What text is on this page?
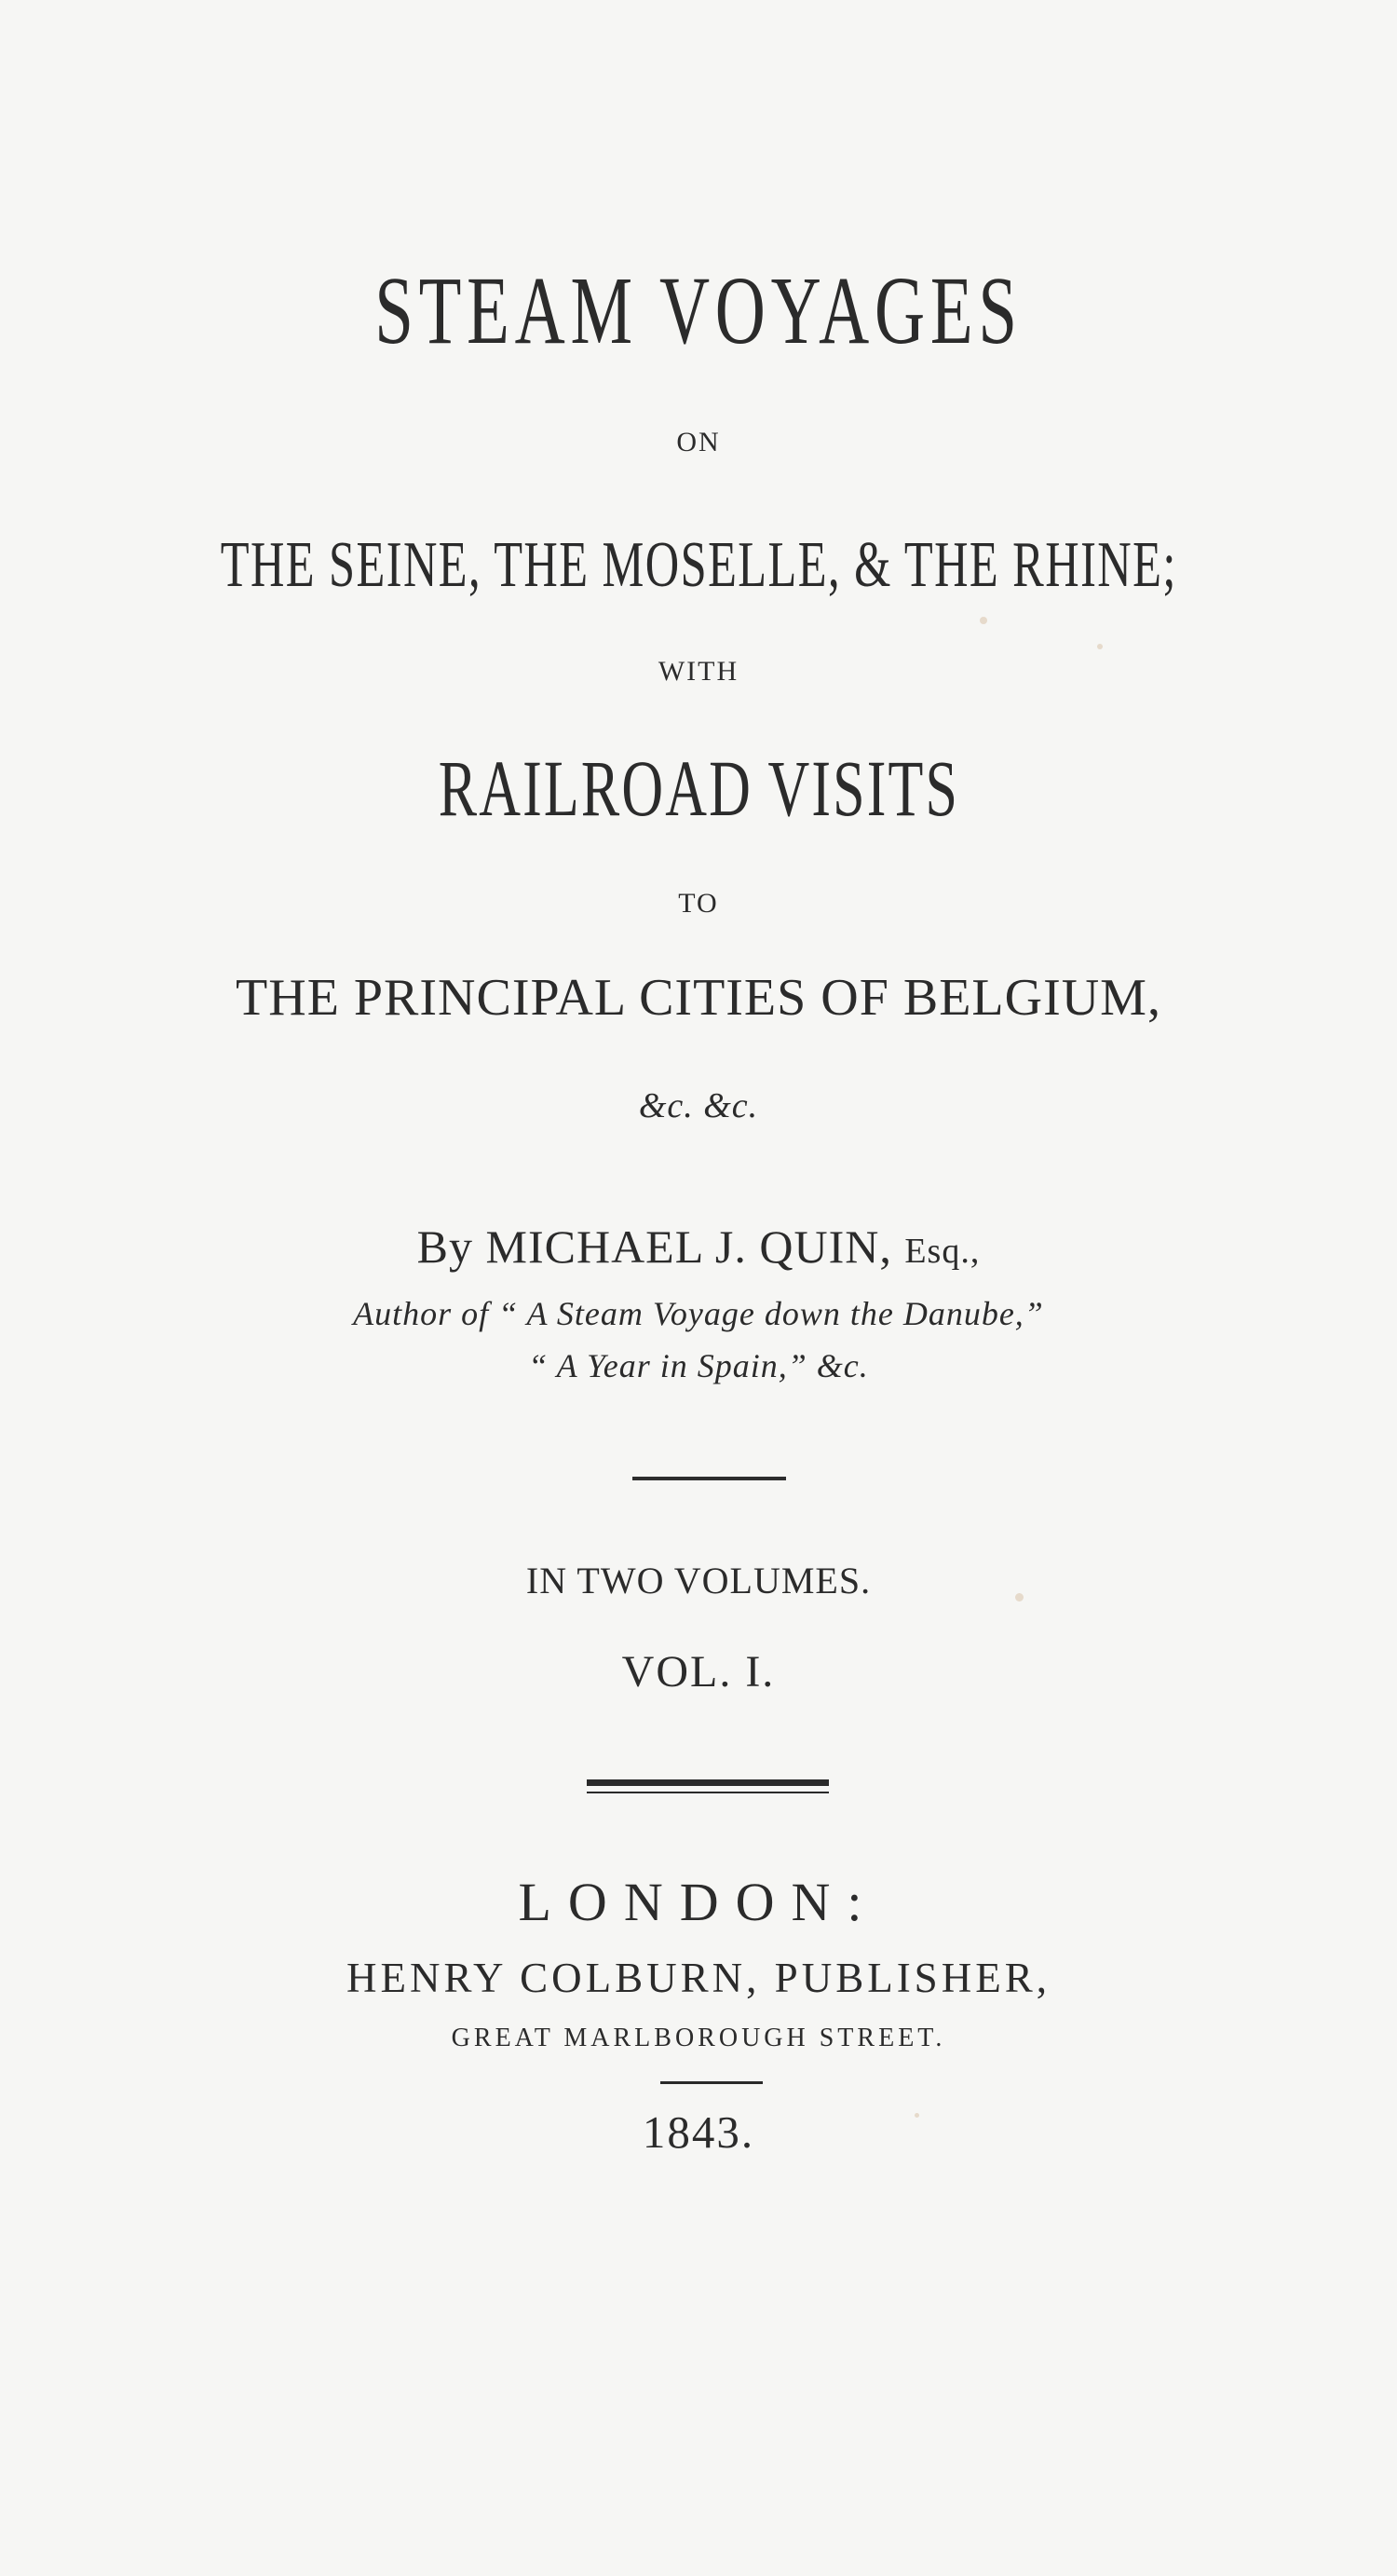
STEAM VOYAGES
ON
THE SEINE, THE MOSELLE, & THE RHINE;
WITH
RAILROAD VISITS
TO
THE PRINCIPAL CITIES OF BELGIUM,
&c. &c.
By MICHAEL J. QUIN, Esq.,
Author of “ A Steam Voyage down the Danube,”
“ A Year in Spain,” &c.
IN TWO VOLUMES.
VOL. I.
LONDON:
HENRY COLBURN, PUBLISHER,
GREAT MARLBOROUGH STREET.
1843.
